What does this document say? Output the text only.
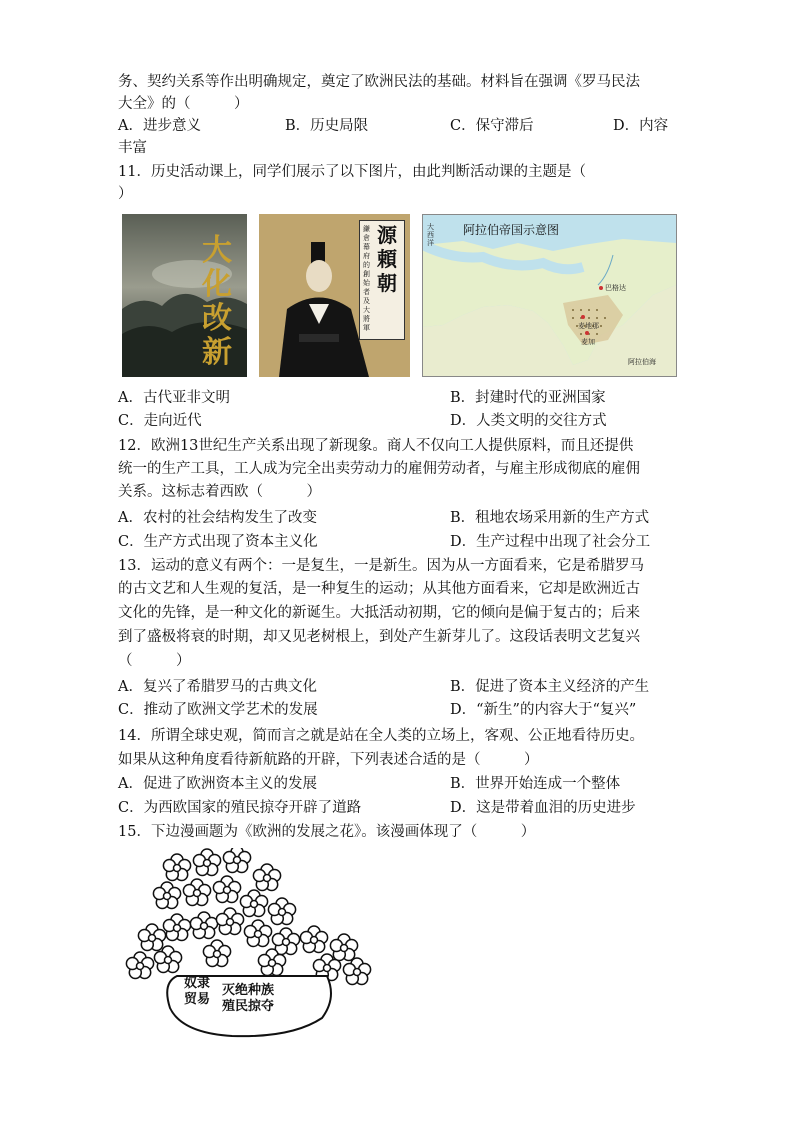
务、契约关系等作出明确规定，奠定了欧洲民法的基础。材料旨在强调《罗马民法
大全》的（　　　）
A．进步意义	B．历史局限	C．保守滞后	D．内容
丰富
11．历史活动课上，同学们展示了以下图片，由此判断活动课的主题是（
）
大化改新
源頼朝
鎌倉幕府的創始者及大將軍
阿拉伯帝国示意图
巴格达
麦地那
麦加
阿拉伯海
大西洋
A．古代亚非文明	B．封建时代的亚洲国家
C．走向近代	D．人类文明的交往方式
12．欧洲13世纪生产关系出现了新现象。商人不仅向工人提供原料，而且还提供
统一的生产工具，工人成为完全出卖劳动力的雇佣劳动者，与雇主形成彻底的雇佣
关系。这标志着西欧（　　　）
A．农村的社会结构发生了改变	B．租地农场采用新的生产方式
C．生产方式出现了资本主义化	D．生产过程中出现了社会分工
13．运动的意义有两个：一是复生，一是新生。因为从一方面看来，它是希腊罗马
的古文艺和人生观的复活，是一种复生的运动；从其他方面看来，它却是欧洲近古
文化的先锋，是一种文化的新诞生。大抵活动初期，它的倾向是偏于复古的；后来
到了盛极将衰的时期，却又见老树根上，到处产生新芽儿了。这段话表明文艺复兴
（　　　）
A．复兴了希腊罗马的古典文化	B．促进了资本主义经济的产生
C．推动了欧洲文学艺术的发展	D．“新生”的内容大于“复兴”
14．所谓全球史观，简而言之就是站在全人类的立场上，客观、公正地看待历史。
如果从这种角度看待新航路的开辟，下列表述合适的是（　　　）
A．促进了欧洲资本主义的发展	B．世界开始连成一个整体
C．为西欧国家的殖民掠夺开辟了道路	D．这是带着血泪的历史进步
15．下边漫画题为《欧洲的发展之花》。该漫画体现了（　　　）
奴隶
贸易
灭绝种族
殖民掠夺
